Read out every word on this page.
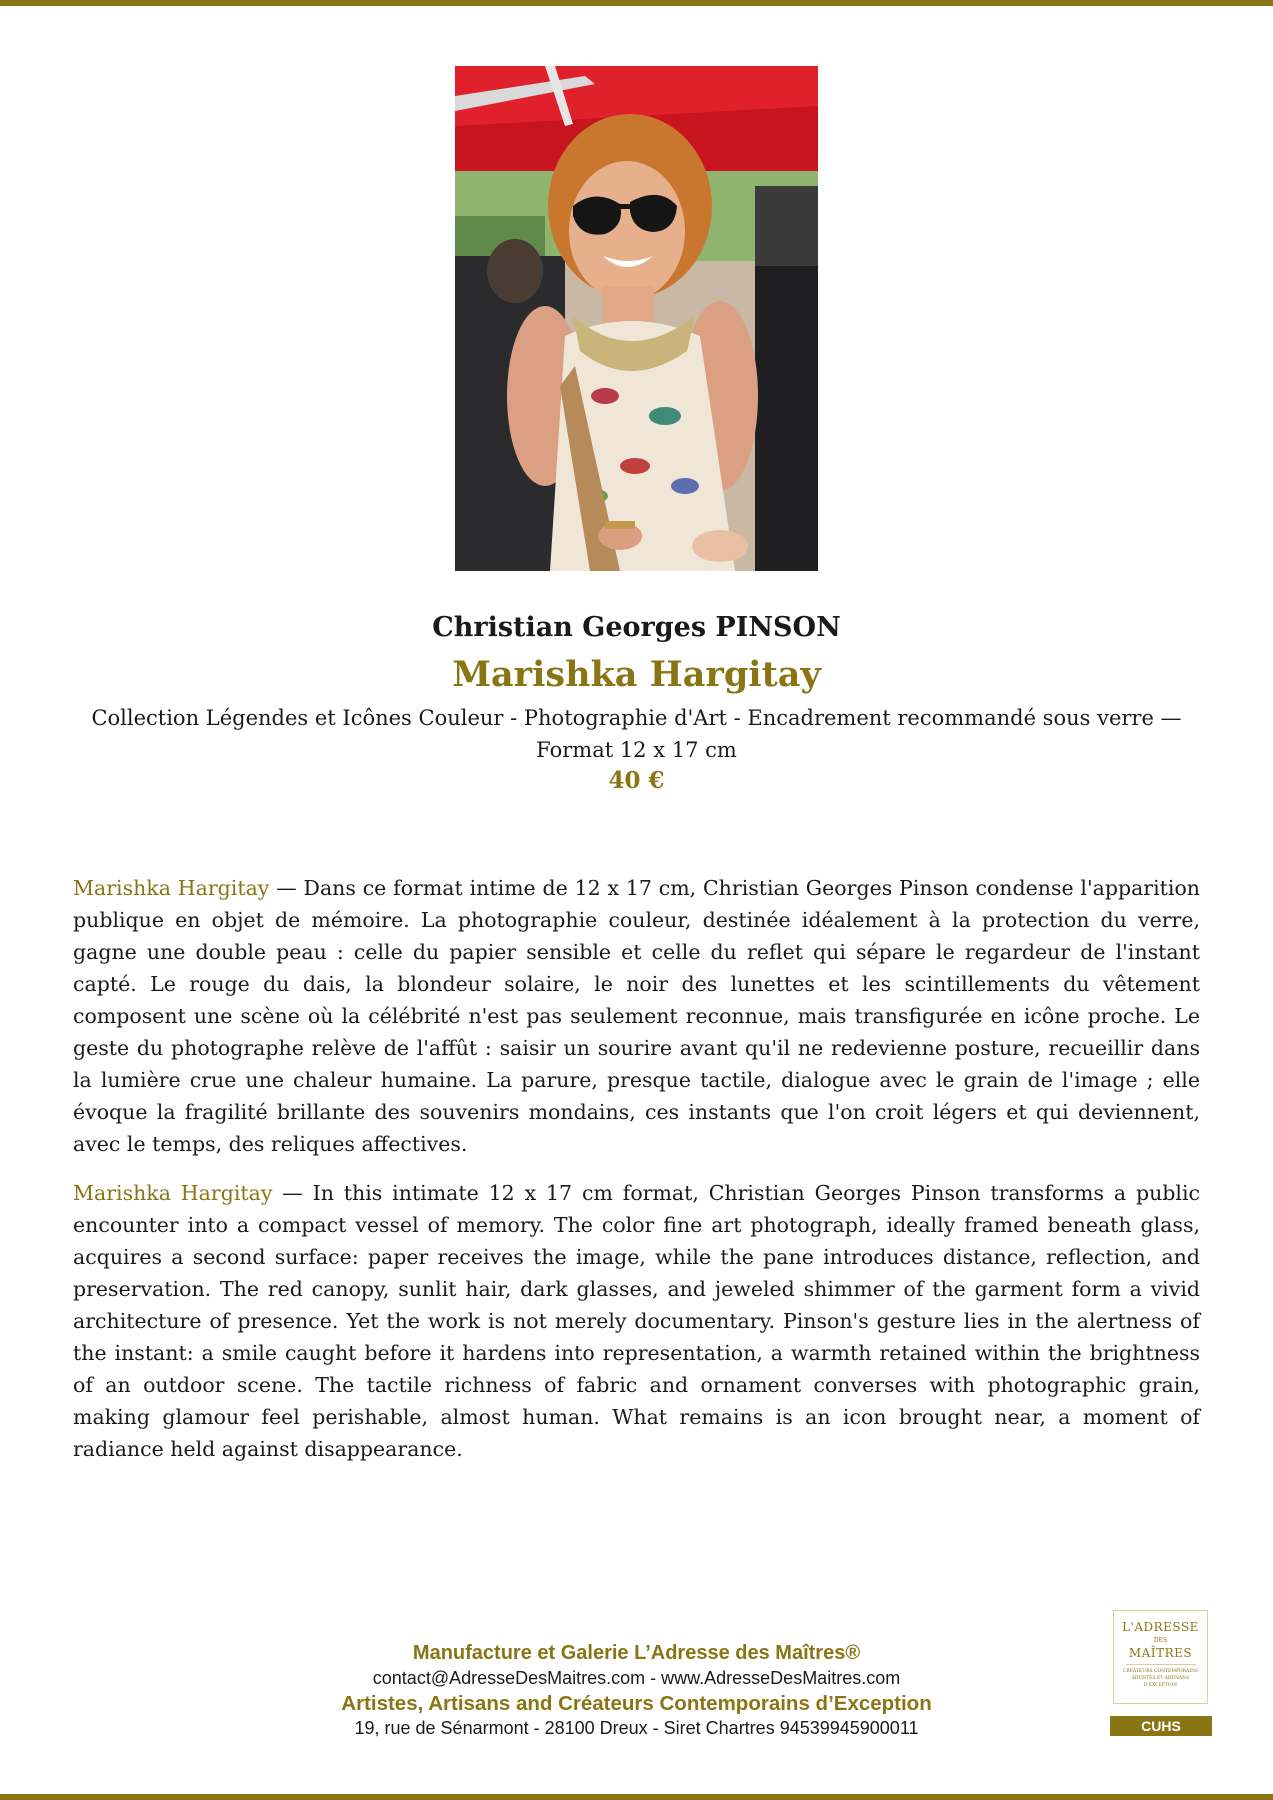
Christian Georges PINSON
Marishka Hargitay
Collection Légendes et Icônes Couleur - Photographie d'Art - Encadrement recommandé sous verre — Format 12 x 17 cm
40 €

Marishka Hargitay — Dans ce format intime de 12 x 17 cm, Christian Georges Pinson condense l'apparition publique en objet de mémoire. La photographie couleur, destinée idéalement à la protection du verre, gagne une double peau : celle du papier sensible et celle du reflet qui sépare le regardeur de l'instant capté. Le rouge du dais, la blondeur solaire, le noir des lunettes et les scintillements du vêtement composent une scène où la célébrité n'est pas seulement reconnue, mais transfigurée en icône proche. Le geste du photographe relève de l'affût : saisir un sourire avant qu'il ne redevienne posture, recueillir dans la lumière crue une chaleur humaine. La parure, presque tactile, dialogue avec le grain de l'image ; elle évoque la fragilité brillante des souvenirs mondains, ces instants que l'on croit légers et qui deviennent, avec le temps, des reliques affectives.

Marishka Hargitay — In this intimate 12 x 17 cm format, Christian Georges Pinson transforms a public encounter into a compact vessel of memory. The color fine art photograph, ideally framed beneath glass, acquires a second surface: paper receives the image, while the pane introduces distance, reflection, and preservation. The red canopy, sunlit hair, dark glasses, and jeweled shimmer of the garment form a vivid architecture of presence. Yet the work is not merely documentary. Pinson's gesture lies in the alertness of the instant: a smile caught before it hardens into representation, a warmth retained within the brightness of an outdoor scene. The tactile richness of fabric and ornament converses with photographic grain, making glamour feel perishable, almost human. What remains is an icon brought near, a moment of radiance held against disappearance.

Manufacture et Galerie L’Adresse des Maîtres®
contact@AdresseDesMaitres.com - www.AdresseDesMaitres.com
Artistes, Artisans and Créateurs Contemporains d’Exception
19, rue de Sénarmont - 28100 Dreux - Siret Chartres 94539945900011
L'ADRESSE
DES
MAÎTRES
CRÉATEURS CONTEMPORAINS ARTISTES ET ARTISANS D'EXCEPTION
CUHS
